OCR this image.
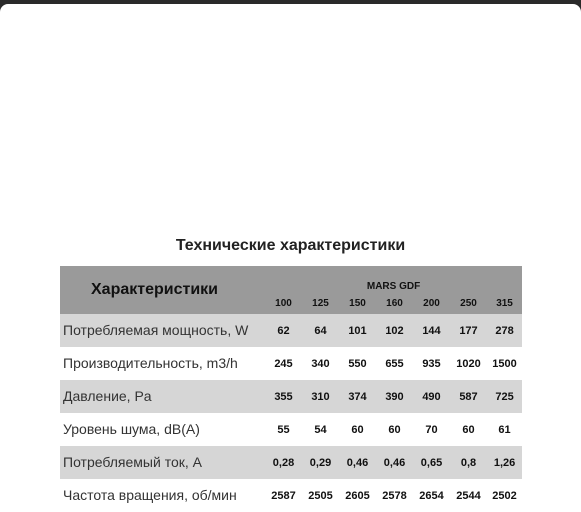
Технические характеристики
Характеристики	MARS GDF						
	100	125	150	160	200	250	315
Потребляемая мощность, W	62	64	101	102	144	177	278
Производительность, m3/h	245	340	550	655	935	1020	1500
Давление, Pa	355	310	374	390	490	587	725
Уровень шума, dB(A)	55	54	60	60	70	60	61
Потребляемый ток, A	0,28	0,29	0,46	0,46	0,65	0,8	1,26
Частота вращения, об/мин	2587	2505	2605	2578	2654	2544	2502
